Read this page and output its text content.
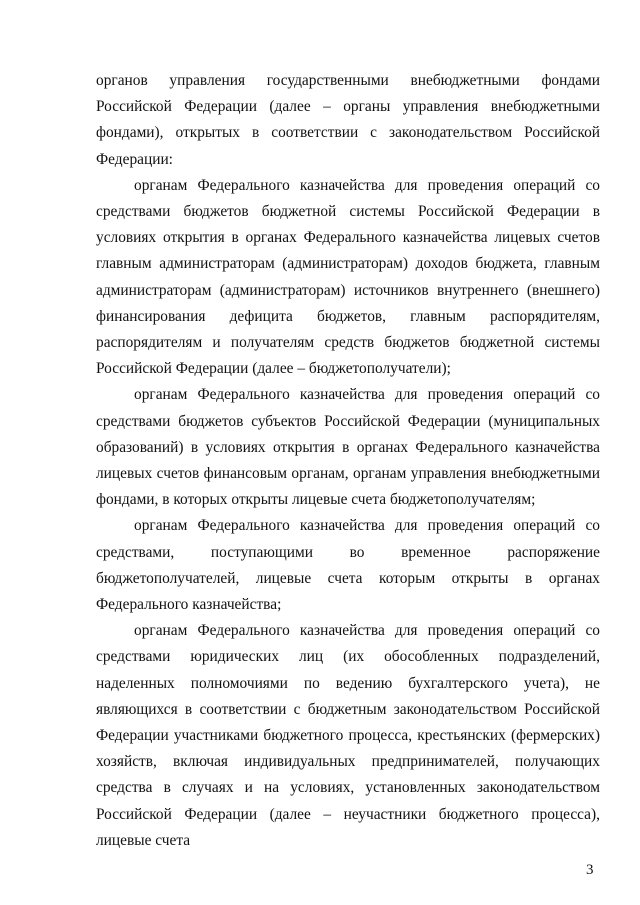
органов управления государственными внебюджетными фондами Российской Федерации (далее – органы управления внебюджетными фондами), открытых в соответствии с законодательством Российской Федерации:

органам Федерального казначейства для проведения операций со средствами бюджетов бюджетной системы Российской Федерации в условиях открытия в органах Федерального казначейства лицевых счетов главным администраторам (администраторам) доходов бюджета, главным администраторам (администраторам) источников внутреннего (внешнего) финансирования дефицита бюджетов, главным распорядителям, распорядителям и получателям средств бюджетов бюджетной системы Российской Федерации (далее – бюджетополучатели);

органам Федерального казначейства для проведения операций со средствами бюджетов субъектов Российской Федерации (муниципальных образований) в условиях открытия в органах Федерального казначейства лицевых счетов финансовым органам, органам управления внебюджетными фондами, в которых открыты лицевые счета бюджетополучателям;

органам Федерального казначейства для проведения операций со средствами, поступающими во временное распоряжение бюджетополучателей, лицевые счета которым открыты в органах Федерального казначейства;

органам Федерального казначейства для проведения операций со средствами юридических лиц (их обособленных подразделений, наделенных полномочиями по ведению бухгалтерского учета), не являющихся в соответствии с бюджетным законодательством Российской Федерации участниками бюджетного процесса, крестьянских (фермерских) хозяйств, включая индивидуальных предпринимателей, получающих средства в случаях и на условиях, установленных законодательством Российской Федерации (далее – неучастники бюджетного процесса), лицевые счета

3
